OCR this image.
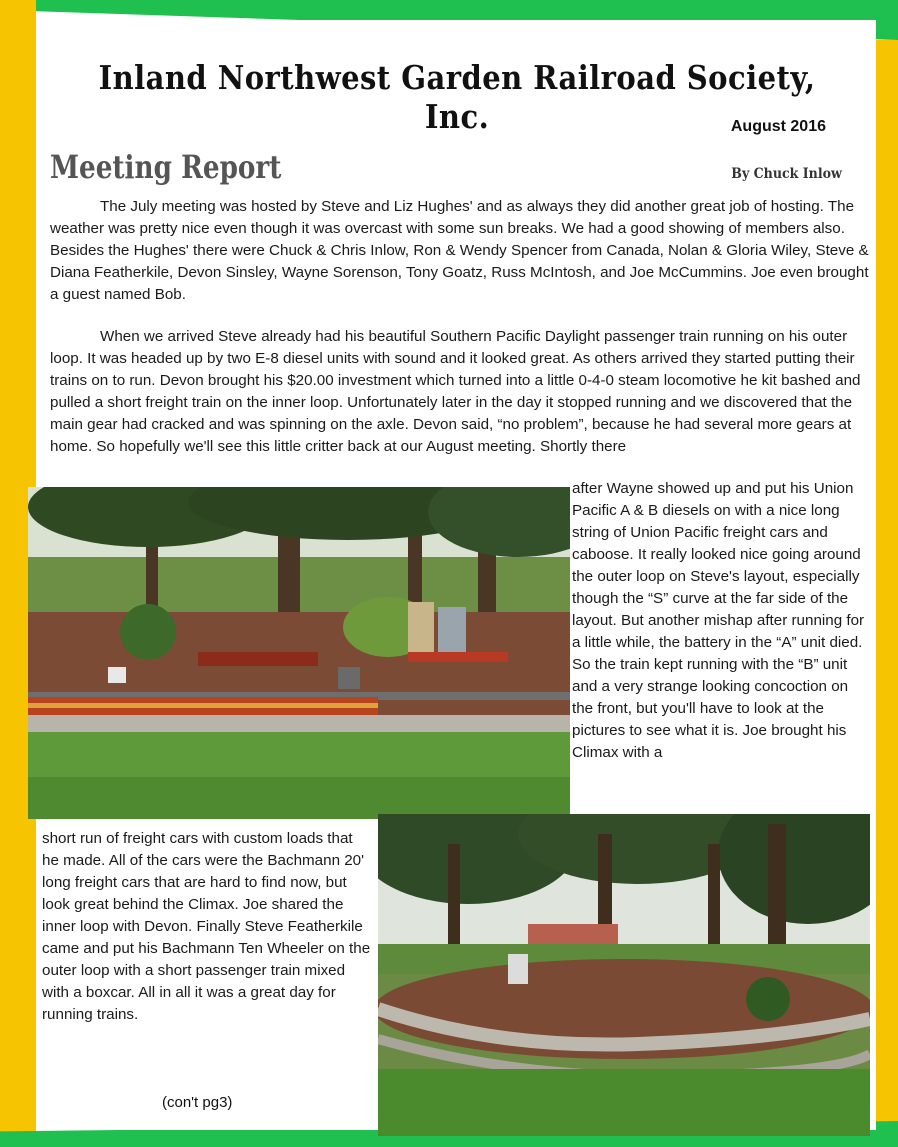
Inland Northwest Garden Railroad Society, Inc.	August 2016
Meeting Report	By Chuck Inlow
The July meeting was hosted by Steve and Liz Hughes' and as always they did another great job of hosting. The weather was pretty nice even though it was overcast with some sun breaks. We had a good showing of members also. Besides the Hughes' there were Chuck & Chris Inlow, Ron & Wendy Spencer from Canada, Nolan & Gloria Wiley, Steve & Diana Featherkile, Devon Sinsley, Wayne Sorenson, Tony Goatz, Russ McIntosh, and Joe McCummins. Joe even brought a guest named Bob.
When we arrived Steve already had his beautiful Southern Pacific Daylight passenger train running on his outer loop. It was headed up by two E-8 diesel units with sound and it looked great. As others arrived they started putting their trains on to run. Devon brought his $20.00 investment which turned into a little 0-4-0 steam locomotive he kit bashed and pulled a short freight train on the inner loop. Unfortunately later in the day it stopped running and we discovered that the main gear had cracked and was spinning on the axle. Devon said, “no problem”, because he had several more gears at home. So hopefully we'll see this little critter back at our August meeting. Shortly there
after Wayne showed up and put his Union Pacific A & B diesels on with a nice long string of Union Pacific freight cars and caboose. It really looked nice going around the outer loop on Steve's layout, especially though the “S” curve at the far side of the layout. But another mishap after running for a little while, the battery in the “A” unit died. So the train kept running with the “B” unit and a very strange looking concoction on the front, but you'll have to look at the pictures to see what it is. Joe brought his Climax with a
short run of freight cars with custom loads that he made. All of the cars were the Bachmann 20' long freight cars that are hard to find now, but look great behind the Climax. Joe shared the inner loop with Devon. Finally Steve Featherkile came and put his Bachmann Ten Wheeler on the outer loop with a short passenger train mixed with a boxcar. All in all it was a great day for running trains.
(con't pg3)
